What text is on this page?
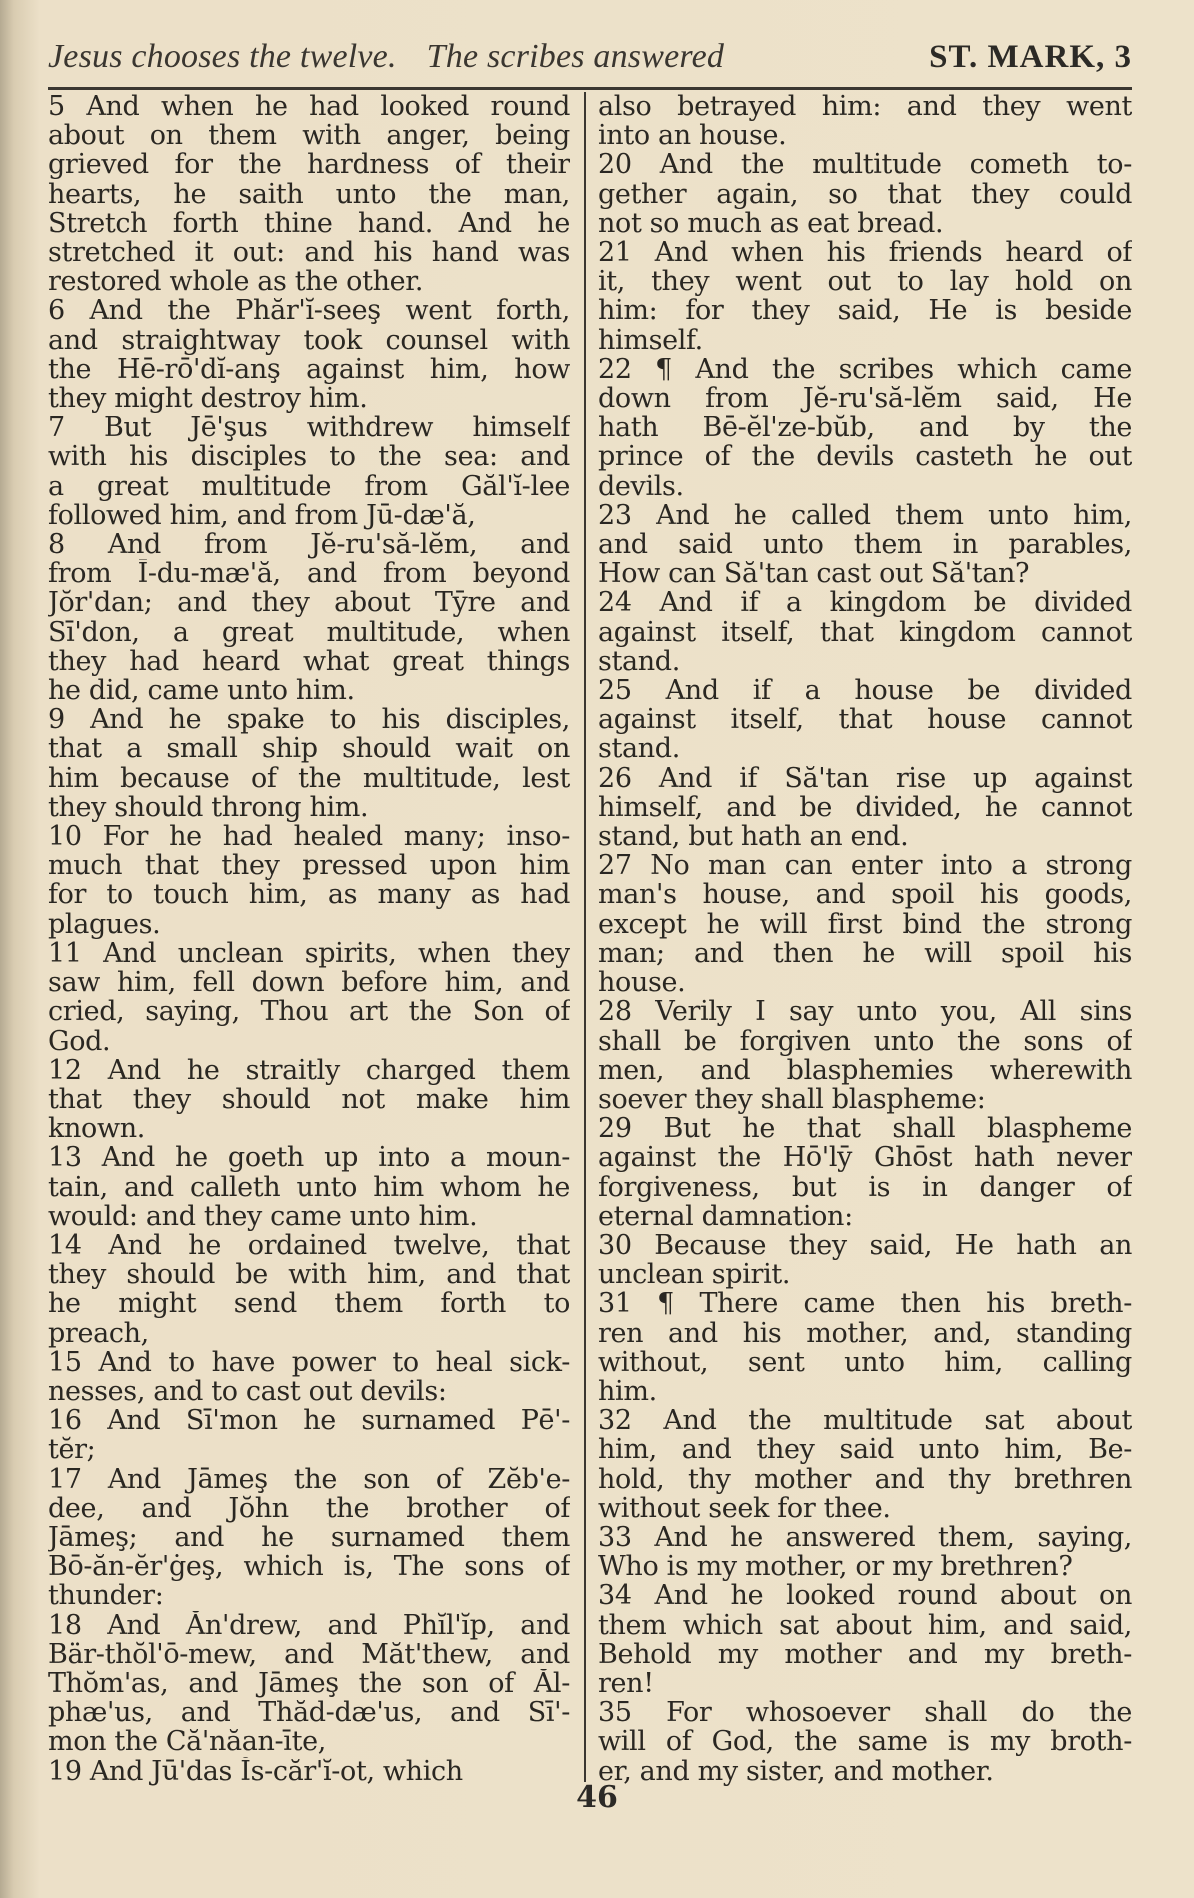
Jesus chooses the twelve. The scribes answered	ST. MARK, 3
5 And when he had looked round
about on them with anger, being
grieved for the hardness of their
hearts, he saith unto the man,
Stretch forth thine hand. And he
stretched it out: and his hand was
restored whole as the other.
6 And the Phăr'ĭ-seeş went forth,
and straightway took counsel with
the Hē-rō'dĭ-anş against him, how
they might destroy him.
7 But Jē'şus withdrew himself
with his disciples to the sea: and
a great multitude from Găl'ĭ-lee
followed him, and from Jū-dæ'ă,
8 And from Jĕ-ru'să-lĕm, and
from Ī-du-mæ'ă, and from beyond
Jŏr'dan; and they about Tȳre and
Sī'don, a great multitude, when
they had heard what great things
he did, came unto him.
9 And he spake to his disciples,
that a small ship should wait on
him because of the multitude, lest
they should throng him.
10 For he had healed many; inso-
much that they pressed upon him
for to touch him, as many as had
plagues.
11 And unclean spirits, when they
saw him, fell down before him, and
cried, saying, Thou art the Son of
God.
12 And he straitly charged them
that they should not make him
known.
13 And he goeth up into a moun-
tain, and calleth unto him whom he
would: and they came unto him.
14 And he ordained twelve, that
they should be with him, and that
he might send them forth to
preach,
15 And to have power to heal sick-
nesses, and to cast out devils:
16 And Sī'mon he surnamed Pē'-
tĕr;
17 And Jāmeş the son of Zĕb'e-
dee, and Jŏhn the brother of
Jāmeş; and he surnamed them
Bō-ăn-ĕr'ġeş, which is, The sons of
thunder:
18 And Ăn'drew, and Phĭl'ĭp, and
Bär-thŏl'ō-mew, and Măt'thew, and
Thŏm'as, and Jāmeş the son of Ăl-
phæ'us, and Thăd-dæ'us, and Sī'-
mon the Că'năan-īte,
19 And Jū'das Ĭs-căr'ĭ-ot, which
also betrayed him: and they went
into an house.
20 And the multitude cometh to-
gether again, so that they could
not so much as eat bread.
21 And when his friends heard of
it, they went out to lay hold on
him: for they said, He is beside
himself.
22 ¶ And the scribes which came
down from Jĕ-ru'să-lĕm said, He
hath Bē-ĕl'ze-bŭb, and by the
prince of the devils casteth he out
devils.
23 And he called them unto him,
and said unto them in parables,
How can Să'tan cast out Să'tan?
24 And if a kingdom be divided
against itself, that kingdom cannot
stand.
25 And if a house be divided
against itself, that house cannot
stand.
26 And if Să'tan rise up against
himself, and be divided, he cannot
stand, but hath an end.
27 No man can enter into a strong
man's house, and spoil his goods,
except he will first bind the strong
man; and then he will spoil his
house.
28 Verily I say unto you, All sins
shall be forgiven unto the sons of
men, and blasphemies wherewith
soever they shall blaspheme:
29 But he that shall blaspheme
against the Hō'lȳ Ghōst hath never
forgiveness, but is in danger of
eternal damnation:
30 Because they said, He hath an
unclean spirit.
31 ¶ There came then his breth-
ren and his mother, and, standing
without, sent unto him, calling
him.
32 And the multitude sat about
him, and they said unto him, Be-
hold, thy mother and thy brethren
without seek for thee.
33 And he answered them, saying,
Who is my mother, or my brethren?
34 And he looked round about on
them which sat about him, and said,
Behold my mother and my breth-
ren!
35 For whosoever shall do the
will of God, the same is my broth-
er, and my sister, and mother.
46
